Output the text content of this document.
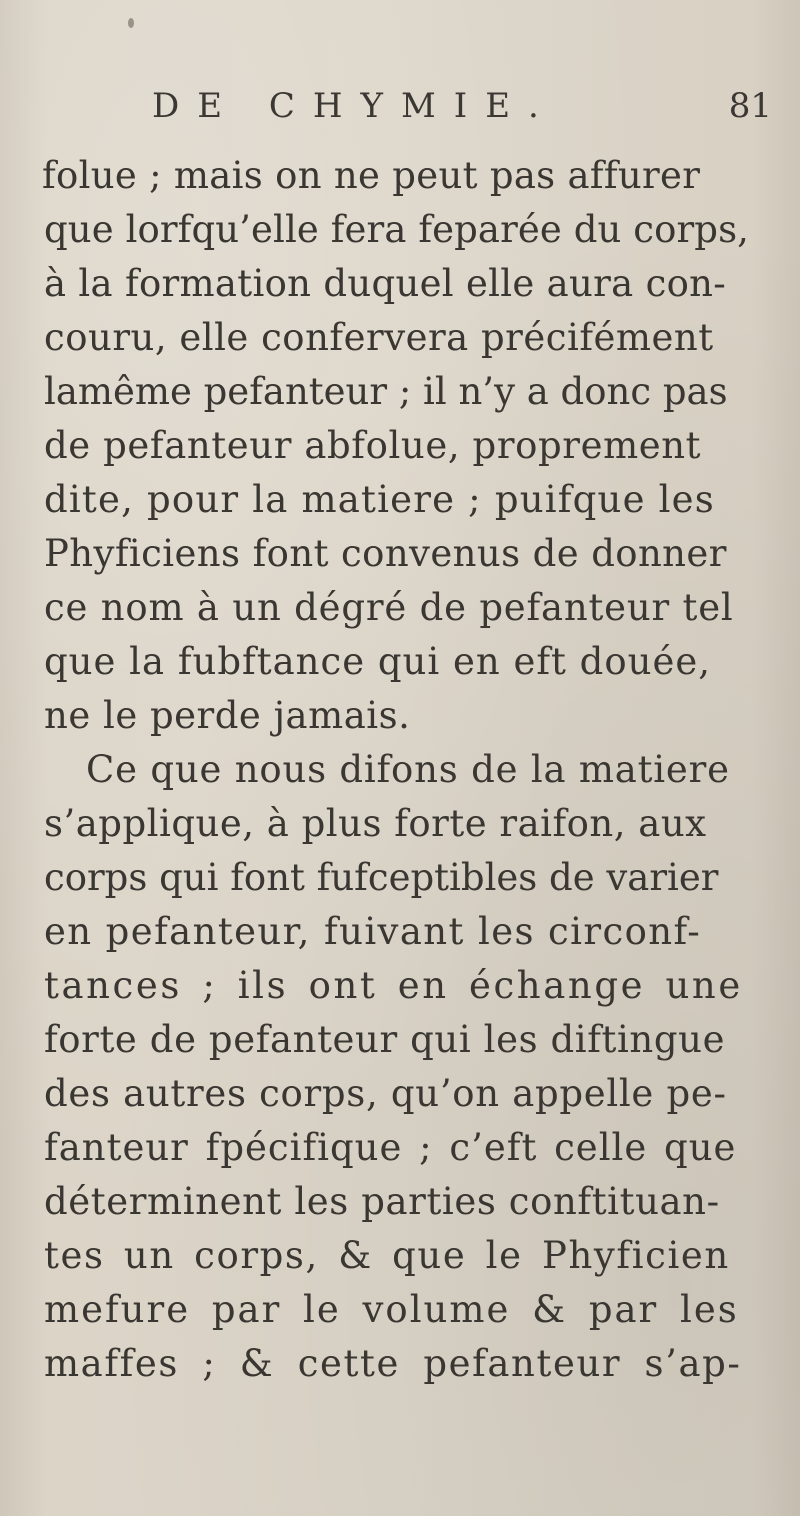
DE CHYMIE.	81
folue ; mais on ne peut pas affurer
que lorfqu’elle fera feparée du corps,
à la formation duquel elle aura con-
couru, elle confervera précifément
lamême pefanteur ; il n’y a donc pas
de pefanteur abfolue, proprement
dite, pour la matiere ; puifque les
Phyficiens font convenus de donner
ce nom à un dégré de pefanteur tel
que la fubftance qui en eft douée,
ne le perde jamais.
Ce que nous difons de la matiere
s’applique, à plus forte raifon, aux
corps qui font fufceptibles de varier
en pefanteur, fuivant les circonf-
tances ; ils ont en échange une
forte de pefanteur qui les diftingue
des autres corps, qu’on appelle pe-
fanteur fpécifique ; c’eft celle que
déterminent les parties conftituan-
tes un corps, & que le Phyficien
mefure par le volume & par les
maffes ; & cette pefanteur s’ap-
